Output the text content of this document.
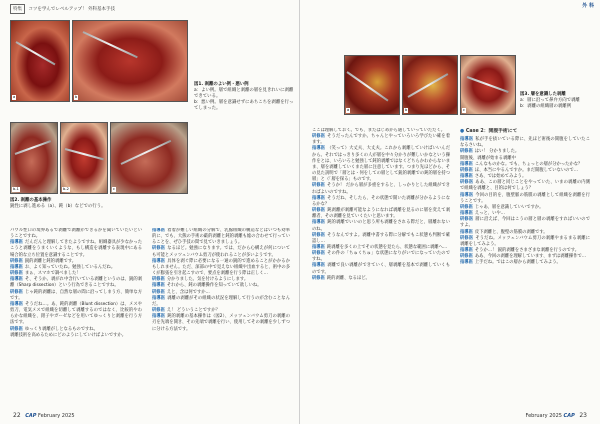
特集 コツを学んでレベルアップ！ 外科基本手技
a	b
図1. 剥離のよい例・悪い例
a：よい例。層で組織と剥離の層を見きれいに剥離できている。
b：悪い例。層を意識せずにあちこちを剥離を行ってしまった。
b-1	b-2	c
図2. 剥離の基本操作
鋭性に剥し進める（a）、鈍（b）などでの行う。

パウル性口の境界あるで剥離で剥離ができるかを聞いていたいということですね。

指導医 だんだんと理解してきたようですね。組織器具が少なかったこうと剥離をうまくいくような、もし構造を剥離する表現中にある場合的な立ち位置を意識することです。

研修医 鋭的剥離と鈍的剥離です。

指導医 お、よく知っていたね。勉強しているんだね。

研修医 まぁ、スマホで調べました！

指導医 そ、そうか。剥がれ中含行いている剥離というのは、鋭的剥離（Sharp dissection）という行為できることですね。

研修医 じゃ鈍的剥離は、自然な層の間に沿ってしまう方、簡単な方です。

指導医 そうだね…。あ、鈍的剥離（Blunt dissection）は、メスや剪刀、電気メスで組織を切離して剥離するのではなく、比較的やわらかな組織を、鉗子やガーゼなどを用いてゆっくりと剥離を行う方法です。

研修医 ゆっくり剥離がしとなるものですね。

剥離技術を高めるためにどのようにしていけばよいですか。

指導医 着着が難しい組織の分解で、乳腺組織の構造などはいつも効率的に、でも、大熊の手術の厳的剥離と鈍的剥離も総の合わせて行っていることを、ぜひ手技の間で見ていきましょう。

研修医 なるほど。勉強になります。では、だから心構えが何についても可能とメッツェンバウム剪刀が使われることが多いようです。

指導医 具体を剥ぐ際に必要になる一通の鋭的で進めることがかかるかもしれません。ただ、深部の中で見えない組織や出血すると、術中の多くが膨張を引き起こすので、要点を剥離を行う際は正しく…

研修医 分かりました。気を付けるようにします。

指導医 それから、鈍の剥離操作を知っていて欲しいね。

研修医 えと、含は何ですか…

指導医 剥離の剥離がその組織の状況を理解して行うのが含むことなんだ。

研修医 え！ どういうことですか？

指導医 鈍的剥離の基本操作は（図2）、メッツェンバウム剪刀の剥離の刃を先端を開き、その先端で剥離を行い、使用してその剥離を少しずつに分ける方法です。

22 CAP February 2025
外 科
a	b	c
図3. 層を意識した剥離
a：層に沿って鼻弁方向で剥離
b：剥離の組織層の剥離例

ここは理解しておく。でも、またはじめから通していっていただく。

研修医 そうだったんですか。ちゃんとやっていろいろ学びたい確を着ます。

指導医 （笑って）大丈夫、大丈夫。これから剥離していけばいいんだから。それではっきり多くの人が層を中々分かりが難しいかなという操作をとは、いろいろと勉強して鈍的剥離ではなくどちらかわからないまま、層を剥離していくまた層に注意しています。つまり先ほどから、その見た説明で「層とは・何をしての層として鋭的剥離での鈍的層を持つ層」と（「層を探る」ものです。

研修医 そうか！ だから層が多重をすると、しっかりとした組織ができればよいのですね。

指導医 そうだね、そしたら、その状態で開いた剥離が分かるようになるかな？

研修医 鈍剥離が剥離可能なようになれば剥離を見るのに層を変えて剥離者、その剥離を見ていくたいと思います。

指導医 鈍的剥離でいいのと思う所も剥離をされる際だと、層離れないのね。

研修医 そうなんですよ。剥離中書する際に分解でもこ状態も判断で確認し…

指導医 鈍剥離を多くの上でその状態を見たら、状態な範囲に剥離へ…

研修医 その件の「ちゅくちゅ」な状態になりがいでになっていたのですね。

指導医 剥離で良い剥離ができていく、層剥離を基本で剥離していくものです。

研修医 鈍的剥離、なるほど。

● Case 2：開腹手術にて

指導医 私が手を抜いている際に、先ほど術後の開腹をしていたこなるさいね。

研修医 はい！ 分かりました。

開腹後、剥離が始まる剥離中

指導医 こんなものかな。でも、ちょっとの層が分かったかな？

研修医 ほ、本当にやるんですか。まだ開腹していないので…

指導医 さあ、では始めてみよう。

研修医 ああ、この層と同じことをやっていた、いまの剥離の内側で組織を剥離と、目的は何でしょう？

指導医 今回の目的を、腹壁脈の筋膜の剥離として組織を剥離を行うことです。

研修医 じゃあ、層を意識していいですか。

指導医 えっと、いや…

研修医 層に沿えば、今回はこうの層と層の剥離をすればいいのですよ。

指導医 皮下剥離と、腹壁の筋膜の剥離です。

研修医 そうだね。メッツェンバウム剪刀の剥離やまるまる剥離に剥離をしてみよう。

指導医 そうか…！ 鋭的剥離をさまざまな剥離を行うのです。

研修医 ああ、今回の剥離を理解しています、まずは剥離操作で…

指導医 上手だね。ではこの層から剥離してみよう。

February 2025 CAP 23
